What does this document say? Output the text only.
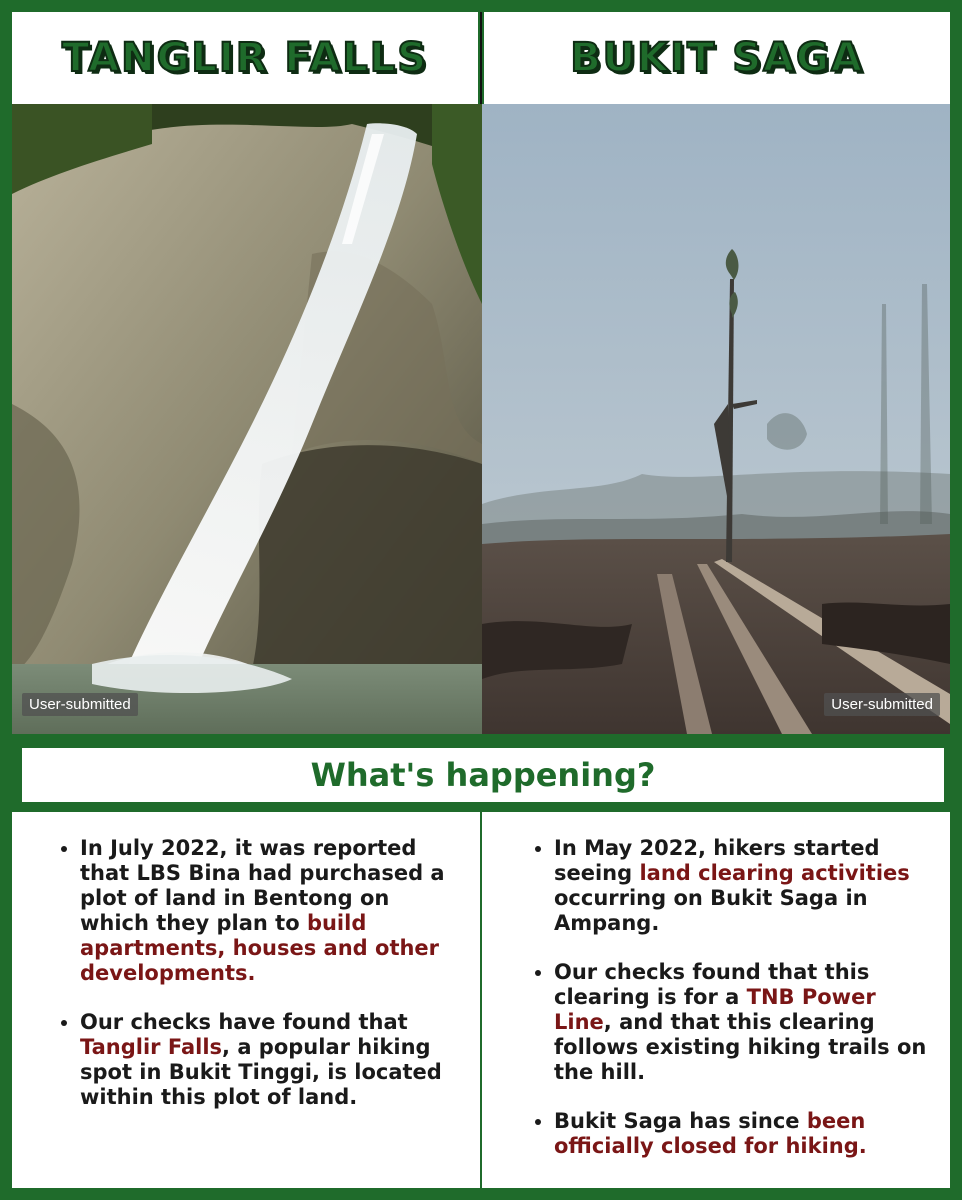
TANGLIR FALLS	BUKIT SAGA
User-submitted	User-submitted
What's happening?
• In July 2022, it was reported that LBS Bina had purchased a plot of land in Bentong on which they plan to build apartments, houses and other developments.
• Our checks have found that Tanglir Falls, a popular hiking spot in Bukit Tinggi, is located within this plot of land.
• In May 2022, hikers started seeing land clearing activities occurring on Bukit Saga in Ampang.
• Our checks found that this clearing is for a TNB Power Line, and that this clearing follows existing hiking trails on the hill.
• Bukit Saga has since been officially closed for hiking.
